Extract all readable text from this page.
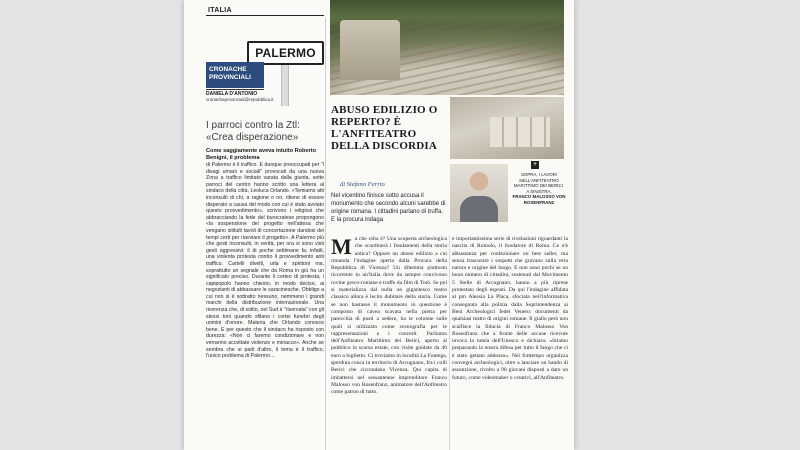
ITALIA
PALERMO
CRONACHE
PROVINCIALI
DANIELA D'ANTONIO
cronacheprovinciali@repubblica.it
I parroci contro la Ztl: «Crea disperazione»
Come saggiamente aveva intuito Roberto Benigni, il problema
di Palermo è il traffico. E dunque preoccupati per "i disagi umani e sociali" provocati da una nuova Zona a traffico limitato varata dalla giunta, sette parroci del centro hanno scritto una lettera al sindaco della città, Leoluca Orlando. «Temiamo atti inconsulti di chi, a ragione o no, ritiene di essere disperato a causa del modo con cui è stato avviato questo provvedimento», scrivono i religiosi che abbracciando la fede del burocratese propongono «la sospensione del progetto nell'attesa che vengano istituiti tavoli di concertazione dandosi dei tempi certi per riavviare il progetto». A Palermo più che gesti inconsulti, in verità, per ora si sono visti gesti aggressivi: il di poche settimane fa, infatti, una violenta protesta contro il provvedimento anti traffico. Cartelli divelti, urla e spintoni ma, soprattutto un segnale che da Roma in giù ha un significato preciso. Durante il corteo di protesta, i capipopolo hanno chiesto, in modo deciso, ai negozianti di abbassare le saracinesche. Obbligo a cui non si è sottratto nessuno, nemmeno i grandi marchi della distribuzione internazionale. Una riverenza che, di solito, nel Sud è "riservata" con gli stessi toni quando sfilano i cortei funebri degli uomini d'onore. Materia che Orlando conosce bene. E per questo che il sindaco ha risposto con durezza: «Non ci faremo condizionare e non verranno accettate violenze e minacce». Anche se sembra che si parli d'altro, il tema è il traffico, l'unico problema di Palermo…
+
SOPRA, I LAVORI NELL'ANFITEATRO MARITTIMO DEI BERICI. A SINISTRA,
FRANCO MALOSSO VON ROSENFRANZ
ABUSO EDILIZIO O REPERTO? È L'ANFITEATRO DELLA DISCORDIA
di Stefano Ferrio
Nel vicentino finisce sotto accusa il monumento che secondo alcuni sarebbe di origine romana. I cittadini parlano di truffa. E la procura indaga
M a che roba è? Una scoperta archeologica che scardinerà i fondamenti della storia antica? Oppure un abuso edilizio a cui rimanda l'indagine aperta dalla Procura della Repubblica di Vicenza? Un dilemma piuttosto ricorrente in un'Italia dove da sempre convivono rovine greco-romane e truffe da film di Totò. Se poi si materializza dal nulla un gigantesco teatro classico allora è lecito dubitare della storia. Come se non bastasse il monumento in questione è composto di cavea scavata nella pietra per parecchia di posti a sedere, ha le colonne sulle quali si utilizzato come scenografia per le rappresentazioni e i concerti. Parliamo dell'Anfiteatro Marittimo dei Berici, aperto al pubblico la scorsa estate, con visite guidate da 40 euro a biglietto. Ci troviamo in località La Fontega, sperduta conca in territorio di Arcugnano, fra i colli Berici che circondano Vicenza. Qui capita di imbattersi nel sessantenne imprenditore Franco Malosso von Rosenfranz, animatore dell'Anfiteatro come patron di tutto.
e importantissima serie di rivelazioni riguardanti la nascita di Romolo, il fondatore di Roma. Ce n'è abbastanza per confezionare un best seller, ma senza trascurare i sospetti che gravano sulla vera natura e origine del luogo. E non sono pochi se un buon numero di cittadini, sostenuti dal Movimento 5 Stelle di Arcugnano, hanno a più riprese protestato degli esposti. Da qui l'indagine affidata al pm Alessia La Placa, sfociata nell'informativa consegnata alla polizia dalla Soprintendenza ai Beni Archeologici fedel Veneto: documenti da qualsiasi teatro di origini romane. Il giallo però non scalfisce la fiducia di Franco Malosso Von Rosenfranz che a fronte delle accuse ricevute invoca la tutela dell'Unesco e dichiara: «Stiamo preparando la nostra difesa per tutto il fango che ci è stato gettato addosso». Nel frattempo organizza convegni archeologici, oltre a lanciare un bando di assunzione, rivolto a 90 giovani disposti a dare un futuro, come videomaker o creativi, all'Anfiteatro.
